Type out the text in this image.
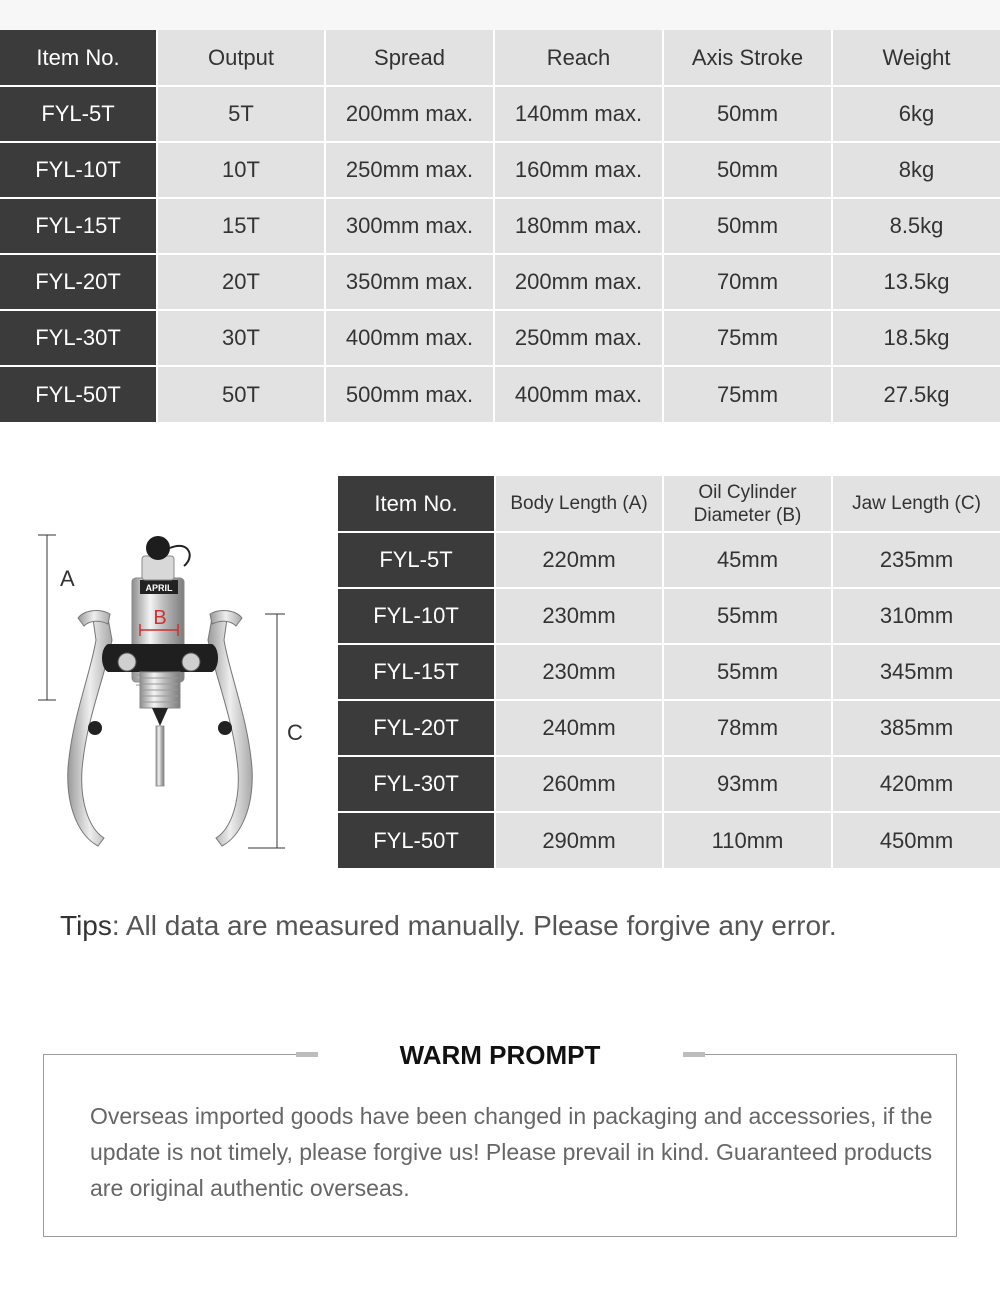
Item No.	Output	Spread	Reach	Axis Stroke	Weight
FYL-5T	5T	200mm max.	140mm max.	50mm	6kg
FYL-10T	10T	250mm max.	160mm max.	50mm	8kg
FYL-15T	15T	300mm max.	180mm max.	50mm	8.5kg
FYL-20T	20T	350mm max.	200mm max.	70mm	13.5kg
FYL-30T	30T	400mm max.	250mm max.	75mm	18.5kg
FYL-50T	50T	500mm max.	400mm max.	75mm	27.5kg
A
C
APRIL
B
Item No.	Body Length (A)	Oil Cylinder Diameter (B)	Jaw Length (C)
FYL-5T	220mm	45mm	235mm
FYL-10T	230mm	55mm	310mm
FYL-15T	230mm	55mm	345mm
FYL-20T	240mm	78mm	385mm
FYL-30T	260mm	93mm	420mm
FYL-50T	290mm	110mm	450mm
Tips: All data are measured manually. Please forgive any error.
WARM PROMPT
Overseas imported goods have been changed in packaging and accessories, if the update is not timely, please forgive us! Please prevail in kind. Guaranteed products are original authentic overseas.
